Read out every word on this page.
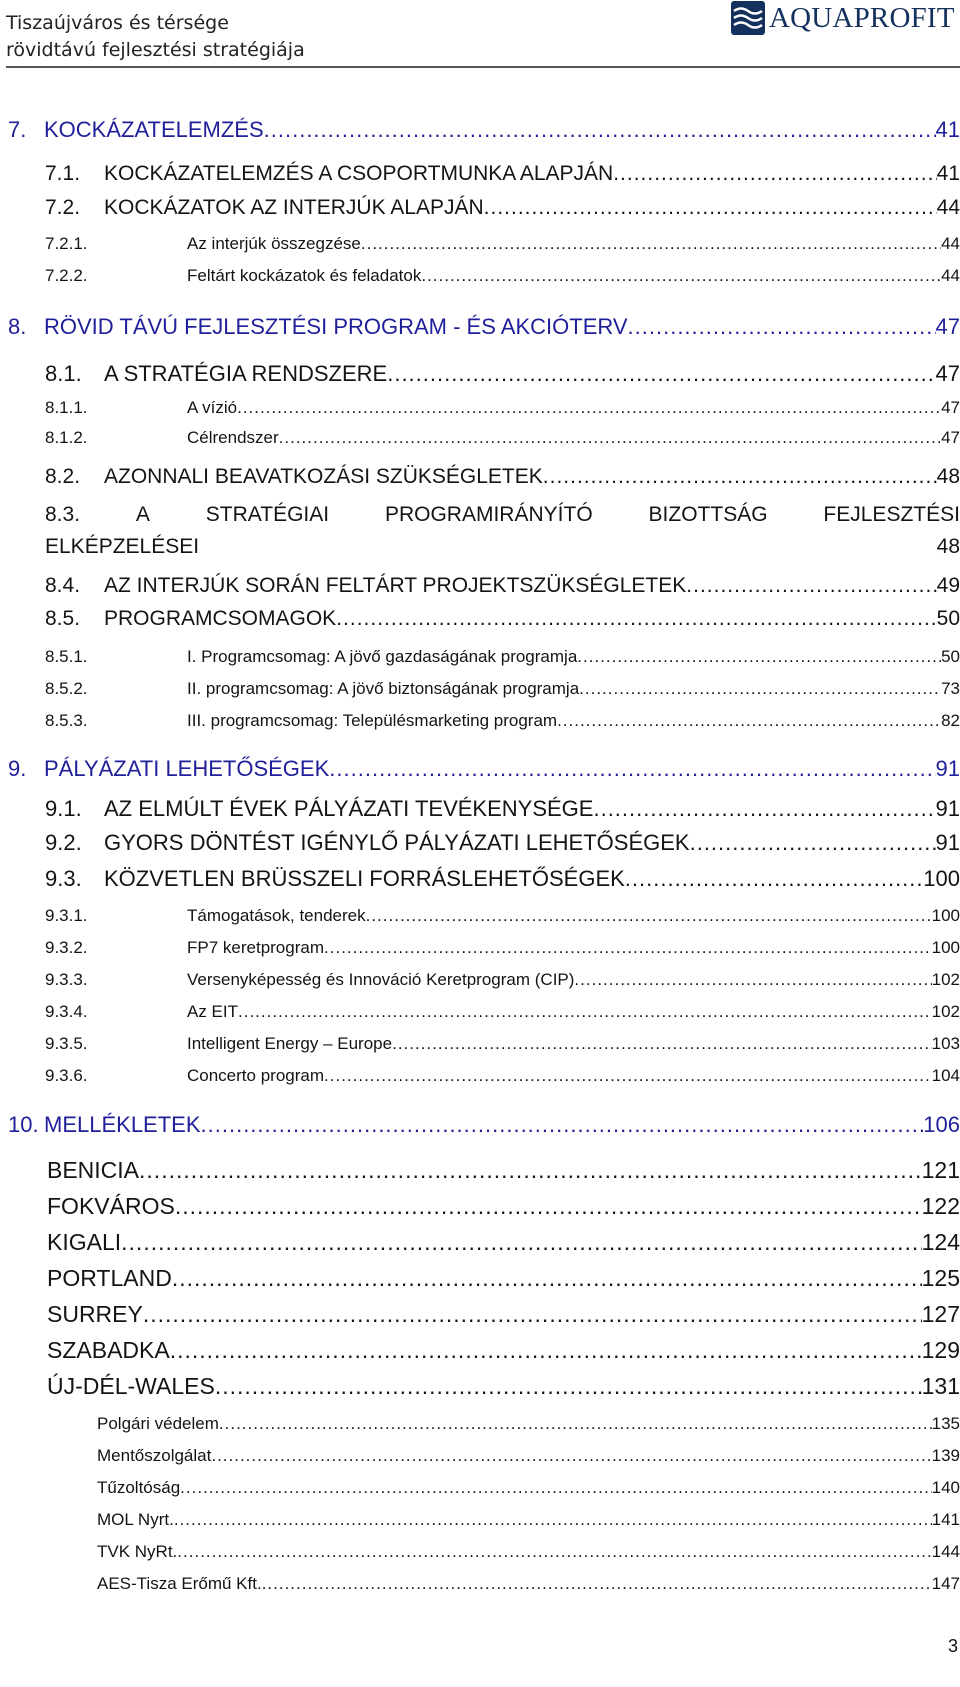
Tiszaújváros és térsége
rövidtávú fejlesztési stratégiája
AQUAPROFIT
7. KOCKÁZATELEMZÉS .....	41
7.1.	KOCKÁZATELEMZÉS A CSOPORTMUNKA ALAPJÁN .....	41
7.2.	KOCKÁZATOK AZ INTERJÚK ALAPJÁN .....	44
7.2.1.	Az interjúk összegzése .....	44
7.2.2.	Feltárt kockázatok és feladatok .....	44
8. RÖVID TÁVÚ FEJLESZTÉSI PROGRAM - ÉS AKCIÓTERV .....	47
8.1.	A STRATÉGIA RENDSZERE .....	47
8.1.1.	A vízió .....	47
8.1.2.	Célrendszer .....	47
8.2.	AZONNALI BEAVATKOZÁSI SZÜKSÉGLETEK .....	48
8.3.	A	STRATÉGIAI	PROGRAMIRÁNYÍTÓ	BIZOTTSÁG	FEJLESZTÉSI
ELKÉPZELÉSEI	48
8.4.	AZ INTERJÚK SORÁN FELTÁRT PROJEKTSZÜKSÉGLETEK .....	49
8.5.	PROGRAMCSOMAGOK .....	50
8.5.1.	I. Programcsomag: A jövő gazdaságának programja .....	50
8.5.2.	II. programcsomag: A jövő biztonságának programja .....	73
8.5.3.	III. programcsomag: Településmarketing program .....	82
9. PÁLYÁZATI LEHETŐSÉGEK .....	91
9.1.	AZ ELMÚLT ÉVEK PÁLYÁZATI TEVÉKENYSÉGE .....	91
9.2.	GYORS DÖNTÉST IGÉNYLŐ PÁLYÁZATI LEHETŐSÉGEK .....	91
9.3.	KÖZVETLEN BRÜSSZELI FORRÁSLEHETŐSÉGEK .....	100
9.3.1.	Támogatások, tenderek .....	100
9.3.2.	FP7 keretprogram .....	100
9.3.3.	Versenyképesség és Innováció Keretprogram (CIP) .....	102
9.3.4.	Az EIT .....	102
9.3.5.	Intelligent Energy – Europe .....	103
9.3.6.	Concerto program .....	104
10. MELLÉKLETEK .....	106
BENICIA .....	121
FOKVÁROS .....	122
KIGALI .....	124
PORTLAND .....	125
SURREY .....	127
SZABADKA .....	129
ÚJ-DÉL-WALES .....	131
Polgári védelem .....	135
Mentőszolgálat .....	139
Tűzoltóság .....	140
MOL Nyrt. .....	141
TVK NyRt. .....	144
AES-Tisza Erőmű Kft. .....	147
3
